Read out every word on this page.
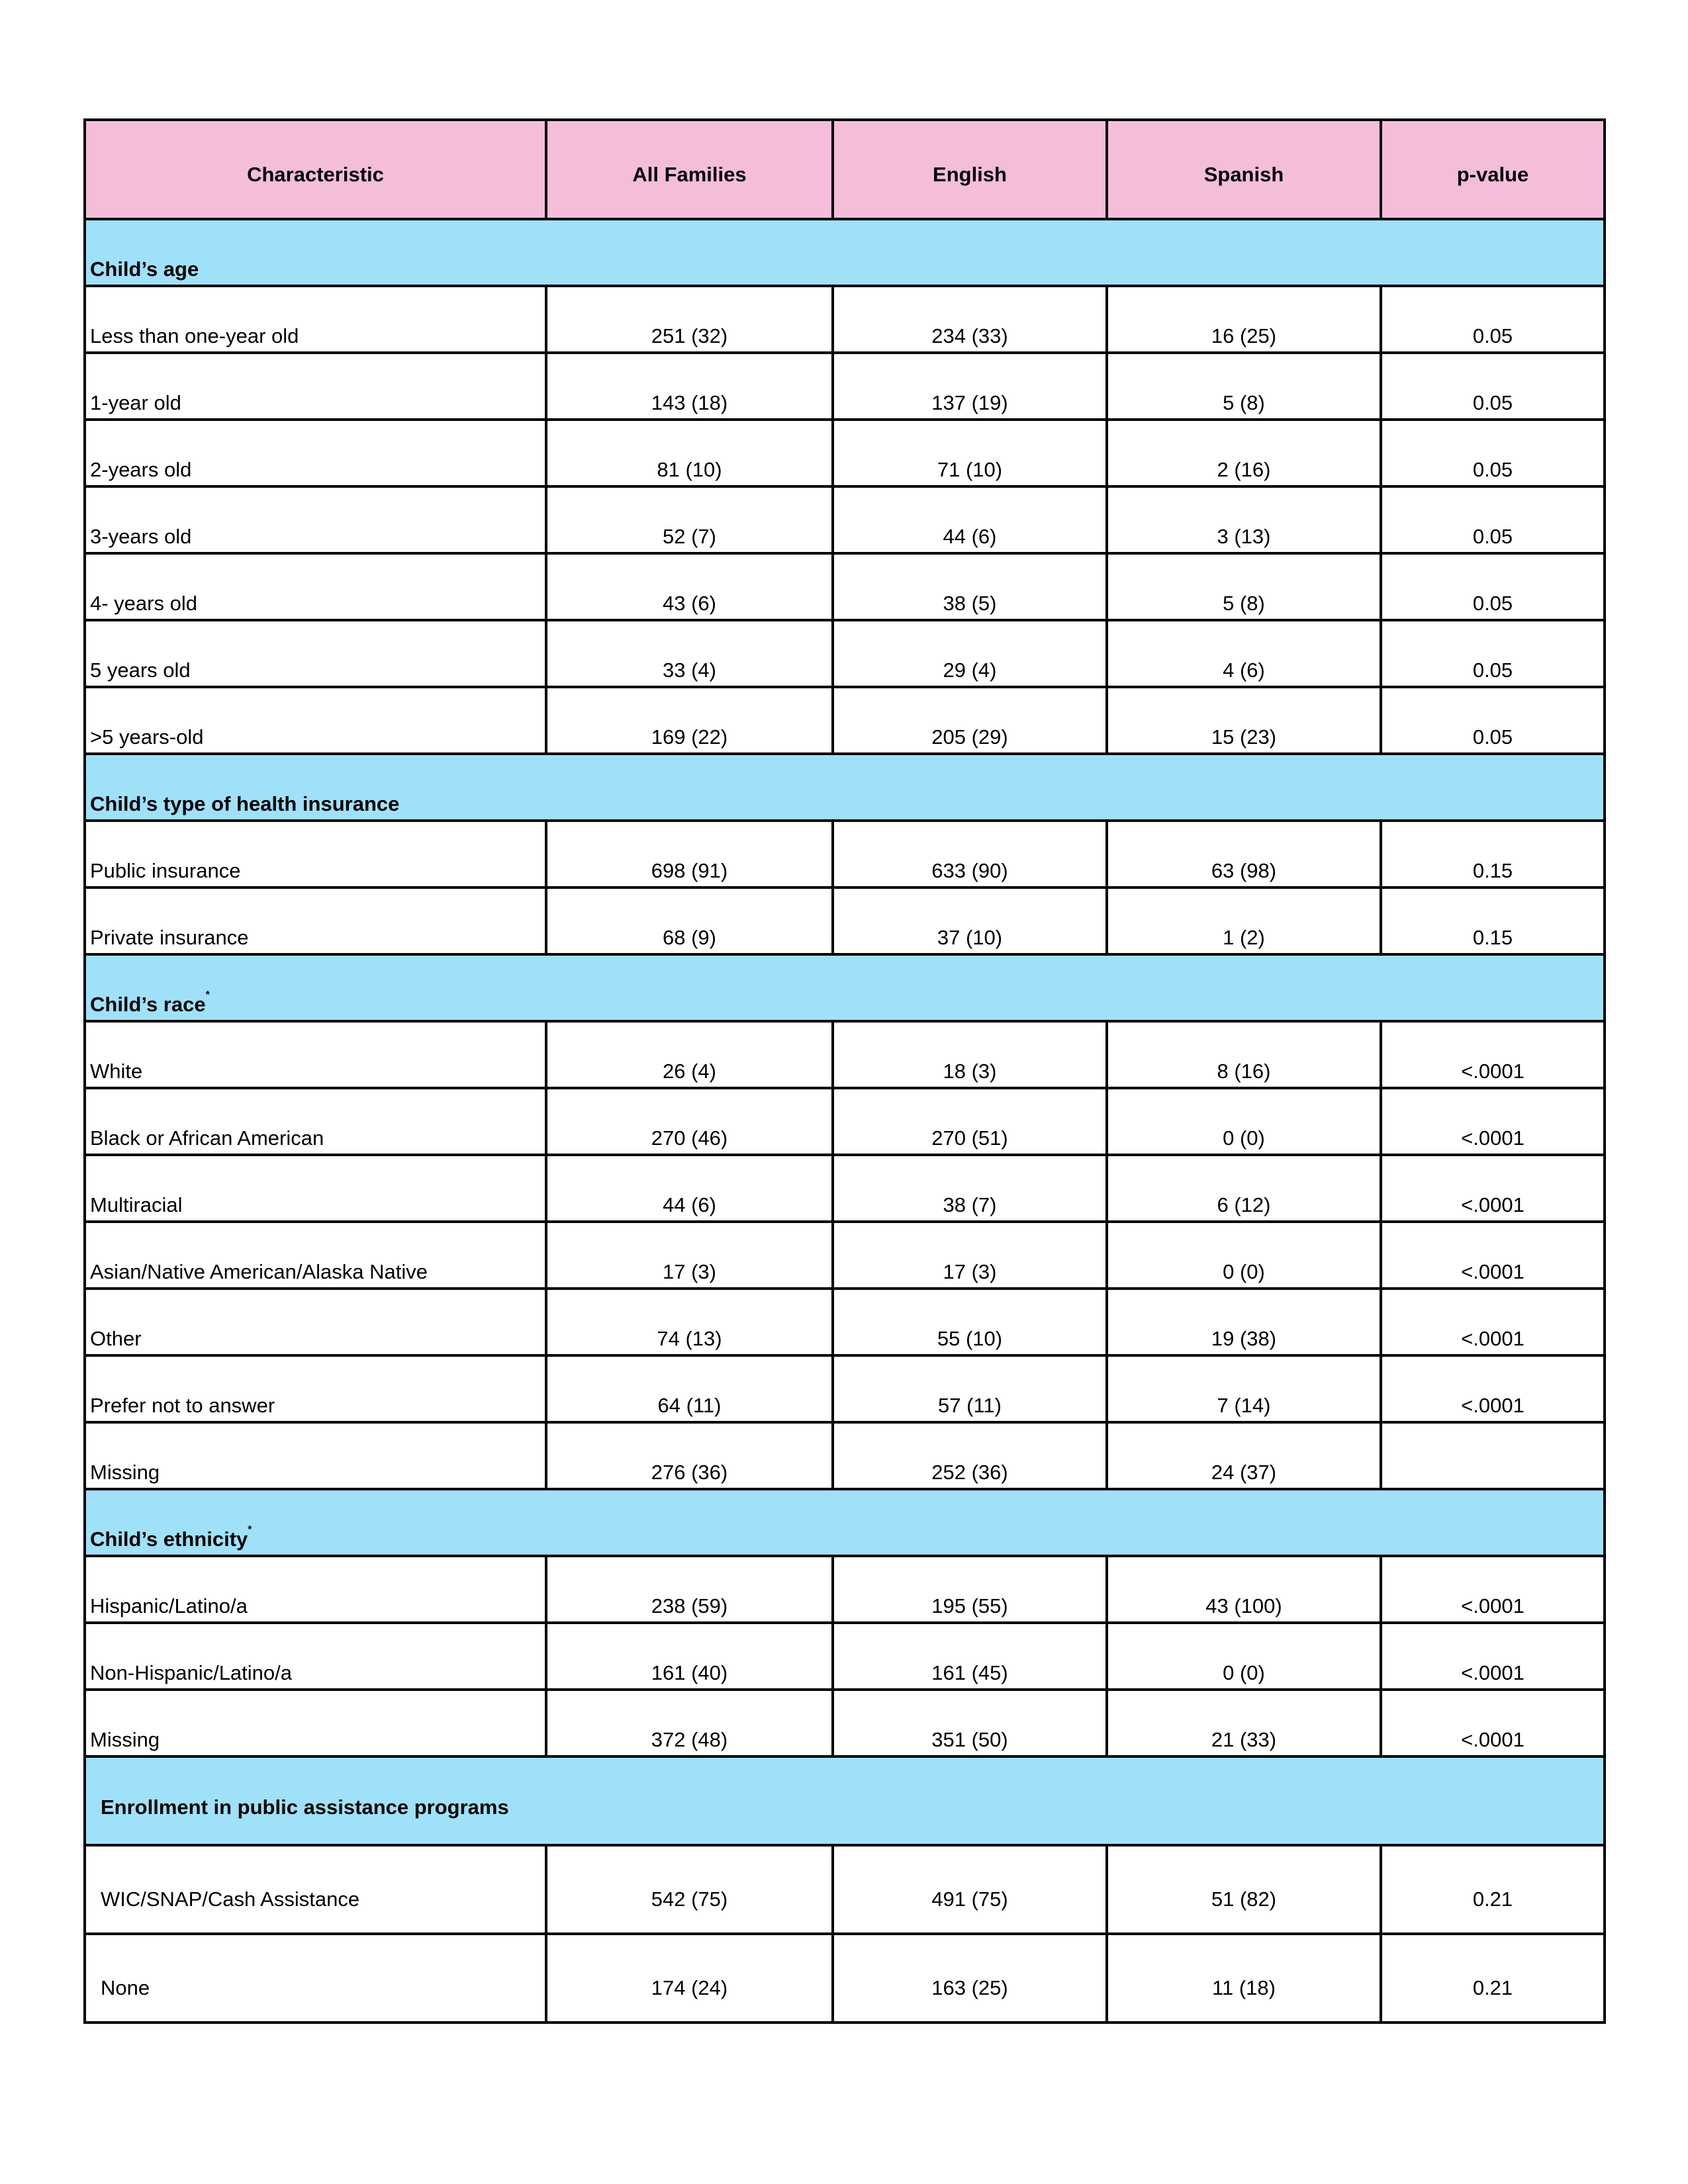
Characteristic	All Families	English	Spanish	p-value
Child’s age				
Less than one-year old	251 (32)	234 (33)	16 (25)	0.05
1-year old	143 (18)	137 (19)	5 (8)	0.05
2-years old	81 (10)	71 (10)	2 (16)	0.05
3-years old	52 (7)	44 (6)	3 (13)	0.05
4- years old	43 (6)	38 (5)	5 (8)	0.05
5 years old	33 (4)	29 (4)	4 (6)	0.05
>5 years-old	169 (22)	205 (29)	15 (23)	0.05
Child’s type of health insurance				
Public insurance	698 (91)	633 (90)	63 (98)	0.15
Private insurance	68 (9)	37 (10)	1 (2)	0.15
Child’s race*
White	26 (4)	18 (3)	8 (16)	<.0001
Black or African American	270 (46)	270 (51)	0 (0)	<.0001
Multiracial	44 (6)	38 (7)	6 (12)	<.0001
Asian/Native American/Alaska Native	17 (3)	17 (3)	0 (0)	<.0001
Other	74 (13)	55 (10)	19 (38)	<.0001
Prefer not to answer	64 (11)	57 (11)	7 (14)	<.0001
Missing	276 (36)	252 (36)	24 (37)	
Child’s ethnicity*
Hispanic/Latino/a	238 (59)	195 (55)	43 (100)	<.0001
Non-Hispanic/Latino/a	161 (40)	161 (45)	0 (0)	<.0001
Missing	372 (48)	351 (50)	21 (33)	<.0001
Enrollment in public assistance programs				
WIC/SNAP/Cash Assistance	542 (75)	491 (75)	51 (82)	0.21
None	174 (24)	163 (25)	11 (18)	0.21
